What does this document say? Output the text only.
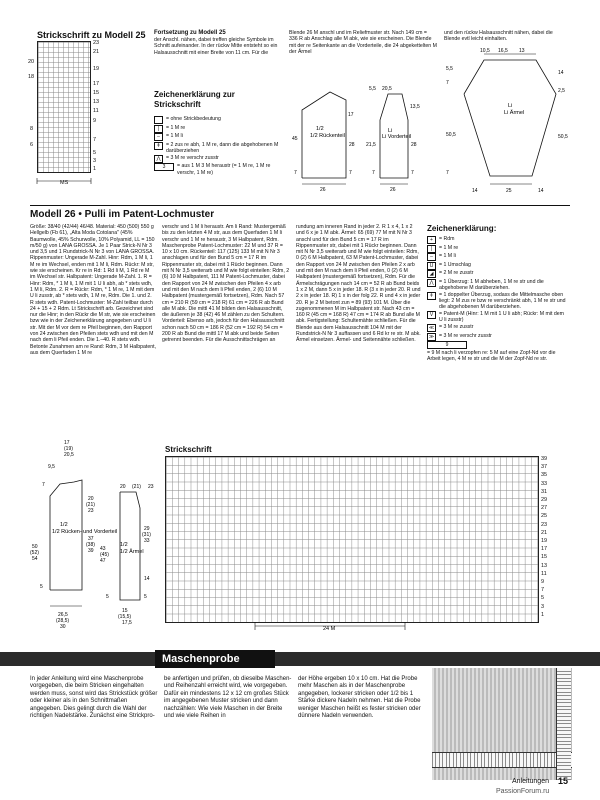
Strickschrift zu Modell 25
23
21
19
17
15
13
11
9
7
5
3
1
20
18
8
6
MS
Fortsetzung zu Modell 25
der Anschl. nähen, dabei treffen gleiche Symbole im Schnitt aufeinander. In der rückw Mitte entsteht so ein Halsausschnitt mit einer Breite von 11 cm. Für die
Zeichenerklärung zur Strickschrift
= ohne Strickbedeutung
|	= 1 M re
–	= 1 M li
↟	= 2 zus re abh, 1 M re, dann die abgehobenen M darüberziehen
⋀	= 3 M re verschr zusstr
3	= aus 1 M 3 M heraustr (= 1 M re, 1 M re verschr, 1 M re)
Blende 26 M anschl und im Reliefmuster str. Nach 149 cm = 336 R ab Anschlag alle M abk, wie sie erscheinen. Die Blende mit der re Seitenkante an die Vorderteile, die 24 abgekettelten M der Ärmel
und den rückw Halsausschnitt nähen, dabei die Blende evtl leicht einhalten.
1/2
1/2 Rückenteil
17
45
28
7	7
26
Li
Li Vorderteil
5,5 20,5
13,5
28
21,5
7	7
26
Li
Li Ärmel
10,5 16,5 13
14
5,5
7
2,5
50,5	50,5
7
14	25	14
Modell 26 • Pulli im Patent-Lochmuster
Größe: 38/40 (42/44) 46/48. Material: 450 (500) 550 g Hellgelb (Fb 61), „Alta Moda Cotolana" (45% Baumwolle, 45% Schurwolle, 10% Polyamid, LL = 150 m/50 g) von LANA GROSSA. Je 1 Paar Strick-N Nr 3 und 3,5 und 1 Rundstrick-N Nr 3 von LANA GROSSA. Rippenmuster: Ungerade M-Zahl. Hinr: Rdm, 1 M li, 1 M re im Wechsel, enden mit 1 M li, Rdm. Rückr: M str, wie sie erscheinen. Kr re in Rd: 1 Rd li M, 1 Rd re M im Wechsel str. Halbpatent: Ungerade M-Zahl. 1. R = Hinr: Rdm, * 1 M li, 1 M mit 1 U li abh, ab * stets wdh, 1 M li, Rdm. 2. R = Rückr: Rdm, * 1 M re, 1 M mit dem U li zusstr, ab * stets wdh, 1 M re, Rdm. Die 1. und 2. R stets wdh. Patent-Lochmuster: M-Zahl teilbar durch 24 + 15 + 2 Rdm. Lt Strickschrift arb. Gezeichnet sind nur die Hinr; in den Rückr die M str, wie sie erscheinen bzw wie in der Zeichenerklärung angegeben und U li str. Mit der M vor dem re Pfeil beginnen, den Rapport von 24 zwischen den Pfeilen stets wdh und mit den M nach dem li Pfeil enden. Die 1.–40. R stets wdh. Betonte Zunahmen am re Rand: Rdm, 3 M Halbpatent, aus dem Querfaden 1 M re
verschr und 1 M li heraustr. Am li Rand: Mustergemäß bis zu den letzten 4 M str, aus dem Querfaden 1 M li verschr und 1 M re heraustr, 3 M Halbpatent, Rdm. Maschenprobe Patent-Lochmuster: 22 M und 37 R = 10 x 10 cm. Rückenteil: 117 (125) 133 M mit N Nr 3 anschlagen und für den Bund 5 cm = 17 R im Rippenmuster str, dabei mit 1 Rückr beginnen. Dann mit N Nr 3,5 weiterarb und M wie folgt einteilen: Rdm, 2 (6) 10 M Halbpatent, 111 M Patent-Lochmuster, dabei den Rapport von 24 M zwischen den Pfeilen 4 x arb und mit den M nach dem li Pfeil enden, 2 (6) 10 M Halbpatent (mustergemäß fortsetzen), Rdm. Nach 57 cm = 210 R (59 cm = 218 R) 61 cm = 226 R ab Bund alle M abk. Die mittl 41 M bilden den Halsausschnitt, die äußeren je 38 (42) 46 M zählen zu den Schultern. Vorderteil: Ebenso arb, jedoch für den Halsausschnitt schon nach 50 cm = 186 R (52 cm = 192 R) 54 cm = 200 R ab Bund die mittl 17 M abk und beide Seiten getrennt beenden. Für die Ausschnittschrägen an
rundung am inneren Rand in jeder 2. R 1 x 4, 1 x 2 und 6 x je 1 M abk. Ärmel: 65 (69) 77 M mit N Nr 3 anschl und für den Bund 5 cm = 17 R im Rippenmuster str, dabei mit 1 Rückr beginnen. Dann mit N Nr 3,5 weiterarb und M wie folgt einteilen: Rdm, 0 (2) 6 M Halbpatent, 63 M Patent-Lochmuster, dabei den Rapport von 24 M zwischen den Pfeilen 2 x arb und mit den M nach dem li Pfeil enden, 0 (2) 6 M Halbpatent (mustergemäß fortsetzen), Rdm. Für die Ärmelschrägungen nach 14 cm = 52 R ab Bund beids 1 x 2 M, dann 5 x in jeder 18. R (3 x in jeder 20. R und 2 x in jeder 18. R) 1 x in der folg 22. R und 4 x in jeder 20. R je 2 M betont zun = 89 (93) 101 M. Über die zugenommenen M im Halbpatent str. Nach 43 cm = 160 R (45 cm = 168 R) 47 cm = 174 R ab Bund alle M abk. Fertigstellung: Schultemähte schließen. Für die Blende aus dem Halsausschnitt 104 M mit der Rundstrick-N Nr 3 auffassen und 6 Rd kr re str. M abk. Ärmel einsetzen. Ärmel- und Seitennähte schließen.
Zeichenerklärung:
+	= Rdm
|	= 1 M re
–	= 1 M li
U	= 1 Umschlag
◢	= 2 M re zusstr
⋀	= 1 Überzug: 1 M abheben, 1 M re str und die abgehobene M darüberziehen.
↟	= 1 doppelter Überzug, sodass die Mittelmasche oben liegt: 2 M zus re bzw re verschränkt abh, 1 M re str und die abgehobenen M darüberziehen.
V	= Patent-M (Hinr: 1 M mit 1 U li abh; Rückr: M mit dem U li zusstr)
≪ = 3 M re zusstr
≫ = 3 M re verschr zusstr
9
= 9 M nach li verzopfen re: 5 M auf eine Zopf-Nd vor die Arbeit legen, 4 M re str und die M der Zopf-Nd re str.
1/2
1/2 Rücken- und Vorderteil
17
(19)
20,5
9,5
7
20
(21)
23
37
(38)
39
50
(52)
54
5
26,5
(28,5)
30
1/2
1/2 Ärmel
20 (21) 23
29
(31)
33
43
(45)
47
14
5
15
(15,5)
17,5
5
Strickschrift
24 M
39
37
35
33
31
29
27
25
23
21
19
17
15
13
11
9
7
5
3
1
Maschenprobe
In jeder Anleitung wird eine Maschenprobe vorgegeben, die beim Stricken eingehalten werden muss, sonst wird das Strickstück größer oder kleiner als in den Schnittmaßen angegeben. Dies gelingt durch die Wahl der richtigen Nadelstärke. Zunächst eine Strickpro-
be anfertigen und prüfen, ob dieselbe Maschen- und Reihenzahl erreicht wird, wie vorgegeben. Dafür ein mindestens 12 x 12 cm großes Stück im angegebenen Muster stricken und dann nachzählen: Wie viele Maschen in der Breite und wie viele Reihen in
der Höhe ergeben 10 x 10 cm. Hat die Probe mehr Maschen als in der Maschenprobe angegeben, lockerer stricken oder 1/2 bis 1 Stärke dickere Nadeln nehmen. Hat die Probe weniger Maschen heißt es fester stricken oder dünnere Nadeln verwenden.
Anleitungen 15
PassionForum.ru
